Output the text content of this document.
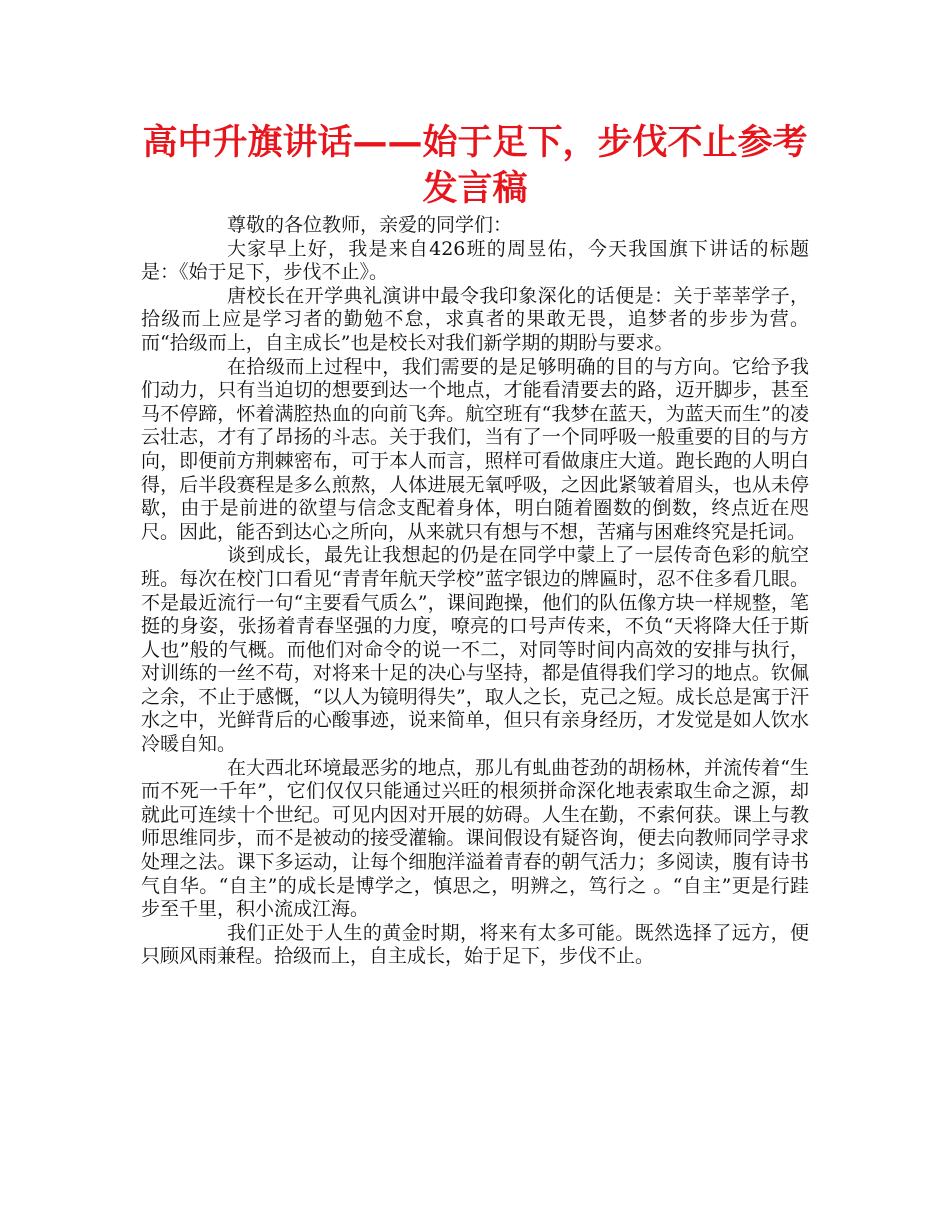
高中升旗讲话——始于足下，步伐不止参考发言稿

尊敬的各位教师，亲爱的同学们：

大家早上好，我是来自426班的周昱佑，今天我国旗下讲话的标题是：《始于足下，步伐不止》。

唐校长在开学典礼演讲中最令我印象深化的话便是：关于莘莘学子，拾级而上应是学习者的勤勉不怠，求真者的果敢无畏，追梦者的步步为营。而“拾级而上，自主成长”也是校长对我们新学期的期盼与要求。

在拾级而上过程中，我们需要的是足够明确的目的与方向。它给予我们动力，只有当迫切的想要到达一个地点，才能看清要去的路，迈开脚步，甚至马不停蹄，怀着满腔热血的向前飞奔。航空班有“我梦在蓝天，为蓝天而生”的凌云壮志，才有了昂扬的斗志。关于我们，当有了一个同呼吸一般重要的目的与方向，即便前方荆棘密布，可于本人而言，照样可看做康庄大道。跑长跑的人明白得，后半段赛程是多么煎熬，人体进展无氧呼吸，之因此紧皱着眉头，也从未停歇，由于是前进的欲望与信念支配着身体，明白随着圈数的倒数，终点近在咫尺。因此，能否到达心之所向，从来就只有想与不想，苦痛与困难终究是托词。

谈到成长，最先让我想起的仍是在同学中蒙上了一层传奇色彩的航空班。每次在校门口看见“青青年航天学校”蓝字银边的牌匾时，忍不住多看几眼。不是最近流行一句“主要看气质么”，课间跑操，他们的队伍像方块一样规整，笔挺的身姿，张扬着青春坚强的力度，嘹亮的口号声传来，不负“天将降大任于斯人也”般的气概。而他们对命令的说一不二，对同等时间内高效的安排与执行，对训练的一丝不苟，对将来十足的决心与坚持，都是值得我们学习的地点。钦佩之余，不止于感慨，“以人为镜明得失”，取人之长，克己之短。成长总是寓于汗水之中，光鲜背后的心酸事迹，说来简单，但只有亲身经历，才发觉是如人饮水冷暖自知。

在大西北环境最恶劣的地点，那儿有虬曲苍劲的胡杨林，并流传着“生而不死一千年”，它们仅仅只能通过兴旺的根须拼命深化地表索取生命之源，却就此可连续十个世纪。可见内因对开展的妨碍。人生在勤，不索何获。课上与教师思维同步，而不是被动的接受灌输。课间假设有疑咨询，便去向教师同学寻求处理之法。课下多运动，让每个细胞洋溢着青春的朝气活力；多阅读，腹有诗书气自华。“自主”的成长是博学之，慎思之，明辨之，笃行之 。“自主”更是行跬步至千里，积小流成江海。

我们正处于人生的黄金时期，将来有太多可能。既然选择了远方，便只顾风雨兼程。拾级而上，自主成长，始于足下，步伐不止。
